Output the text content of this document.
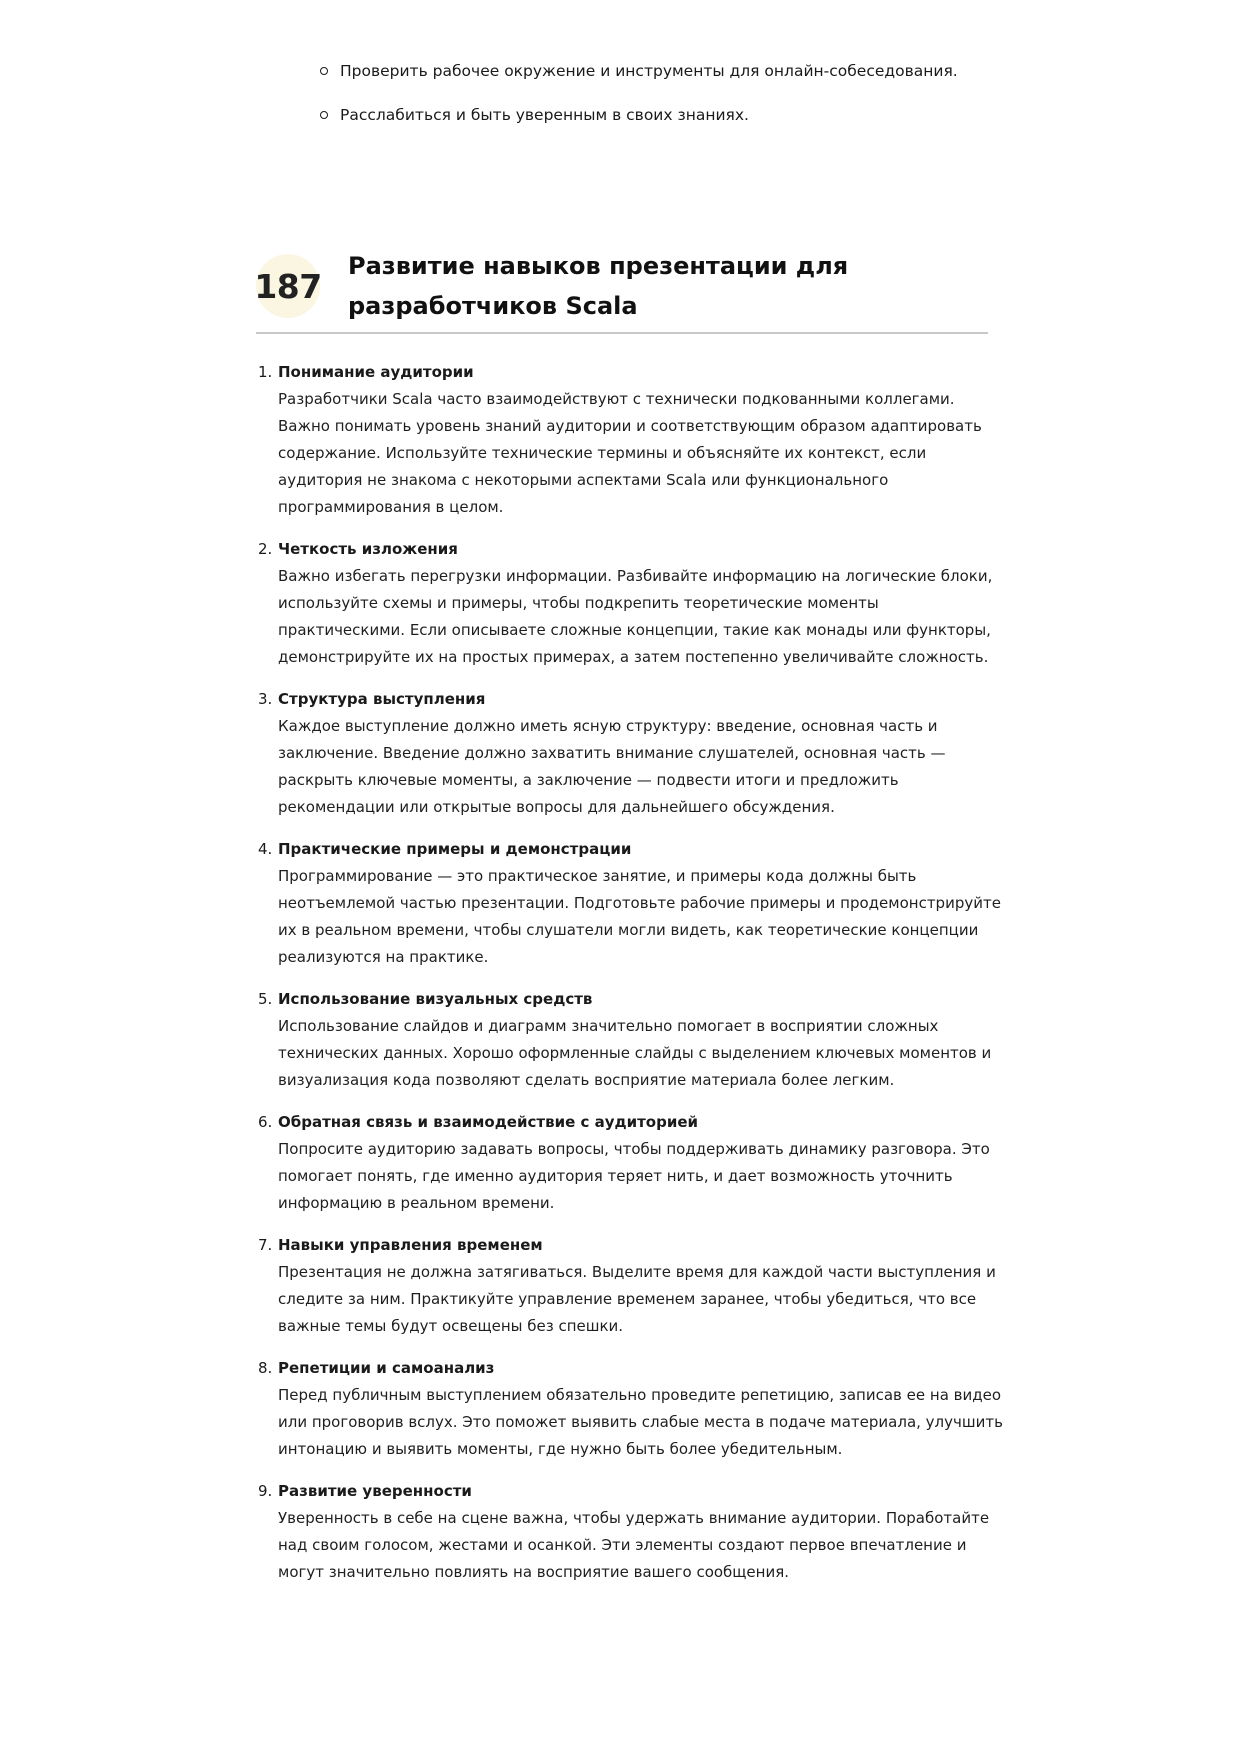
Проверить рабочее окружение и инструменты для онлайн-собеседования.
Расслабиться и быть уверенным в своих знаниях.
187
Развитие навыков презентации для разработчиков Scala
1. Понимание аудитории
Разработчики Scala часто взаимодействуют с технически подкованными коллегами. Важно понимать уровень знаний аудитории и соответствующим образом адаптировать содержание. Используйте технические термины и объясняйте их контекст, если аудитория не знакома с некоторыми аспектами Scala или функционального программирования в целом.
2. Четкость изложения
Важно избегать перегрузки информации. Разбивайте информацию на логические блоки, используйте схемы и примеры, чтобы подкрепить теоретические моменты практическими. Если описываете сложные концепции, такие как монады или функторы, демонстрируйте их на простых примерах, а затем постепенно увеличивайте сложность.
3. Структура выступления
Каждое выступление должно иметь ясную структуру: введение, основная часть и заключение. Введение должно захватить внимание слушателей, основная часть — раскрыть ключевые моменты, а заключение — подвести итоги и предложить рекомендации или открытые вопросы для дальнейшего обсуждения.
4. Практические примеры и демонстрации
Программирование — это практическое занятие, и примеры кода должны быть неотъемлемой частью презентации. Подготовьте рабочие примеры и продемонстрируйте их в реальном времени, чтобы слушатели могли видеть, как теоретические концепции реализуются на практике.
5. Использование визуальных средств
Использование слайдов и диаграмм значительно помогает в восприятии сложных технических данных. Хорошо оформленные слайды с выделением ключевых моментов и визуализация кода позволяют сделать восприятие материала более легким.
6. Обратная связь и взаимодействие с аудиторией
Попросите аудиторию задавать вопросы, чтобы поддерживать динамику разговора. Это помогает понять, где именно аудитория теряет нить, и дает возможность уточнить информацию в реальном времени.
7. Навыки управления временем
Презентация не должна затягиваться. Выделите время для каждой части выступления и следите за ним. Практикуйте управление временем заранее, чтобы убедиться, что все важные темы будут освещены без спешки.
8. Репетиции и самоанализ
Перед публичным выступлением обязательно проведите репетицию, записав ее на видео или проговорив вслух. Это поможет выявить слабые места в подаче материала, улучшить интонацию и выявить моменты, где нужно быть более убедительным.
9. Развитие уверенности
Уверенность в себе на сцене важна, чтобы удержать внимание аудитории. Поработайте над своим голосом, жестами и осанкой. Эти элементы создают первое впечатление и могут значительно повлиять на восприятие вашего сообщения.
